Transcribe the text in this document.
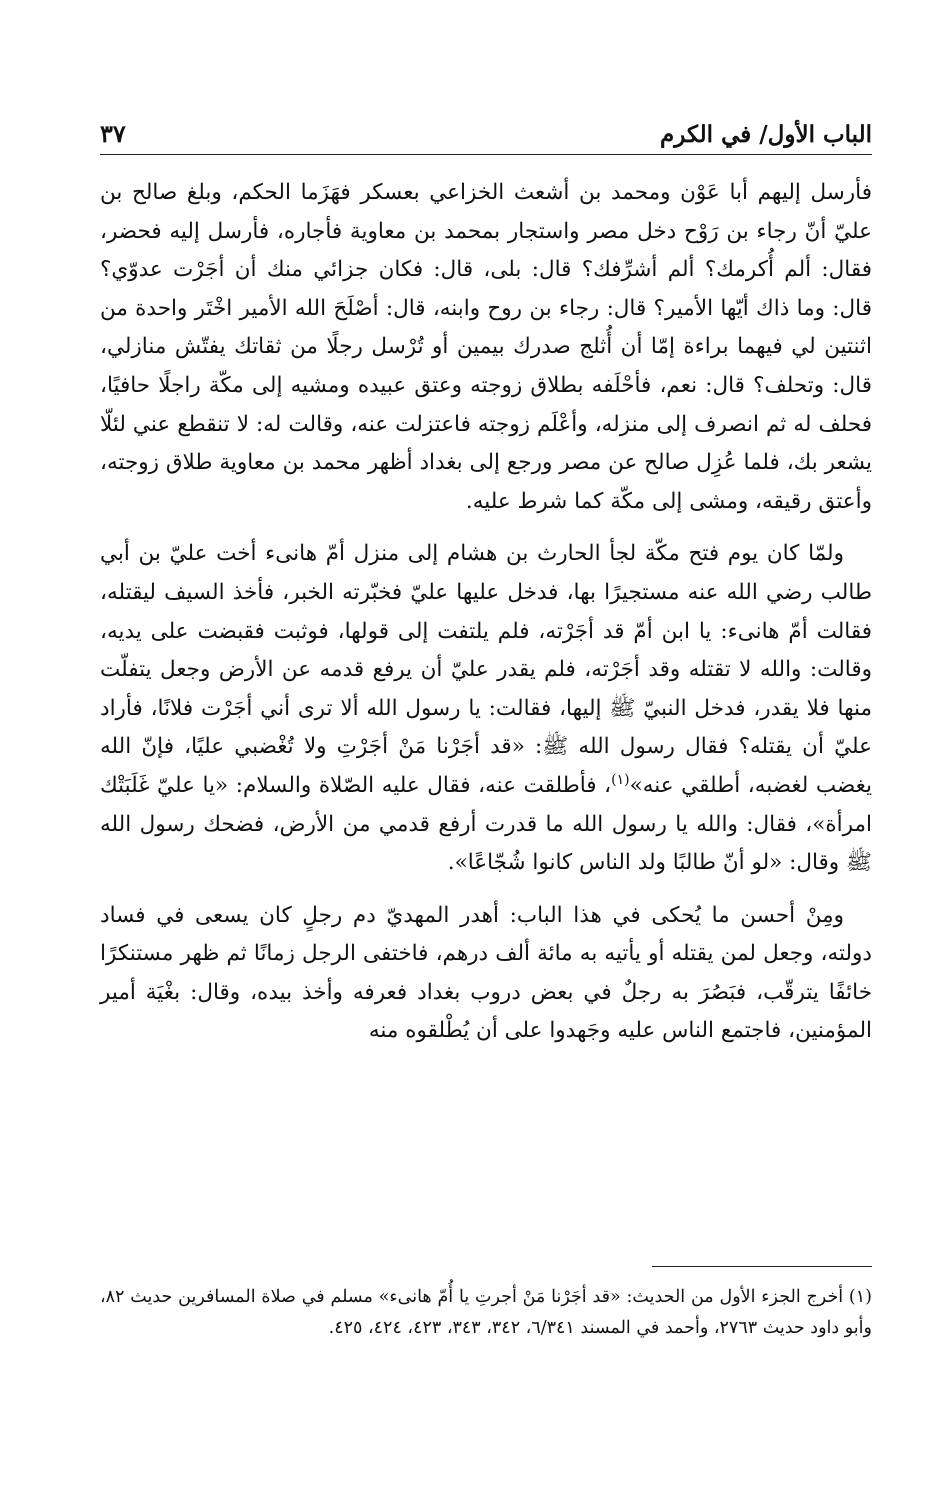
الباب الأول/ في الكرم
٣٧

فأرسل إليهم أبا عَوْن ومحمد بن أشعث الخزاعي بعسكر فهَزَما الحكم، وبلغ صالح بن عليّ أنّ رجاء بن رَوْح دخل مصر واستجار بمحمد بن معاوية فأجاره، فأرسل إليه فحضر، فقال: ألم أُكرمك؟ ألم أشرِّفك؟ قال: بلى، قال: فكان جزائي منك أن أجَرْت عدوّي؟ قال: وما ذاك أيّها الأمير؟ قال: رجاء بن روح وابنه، قال: أصْلَحَ الله الأمير اخْتَر واحدة من اثنتين لي فيهما براءة إمّا أن أُثلج صدرك بيمين أو تُرْسل رجلًا من ثقاتك يفتّش منازلي، قال: وتحلف؟ قال: نعم، فأحْلَفه بطلاق زوجته وعتق عبيده ومشيه إلى مكّة راجلًا حافيًا، فحلف له ثم انصرف إلى منزله، وأعْلَم زوجته فاعتزلت عنه، وقالت له: لا تنقطع عني لئلّا يشعر بك، فلما عُزِل صالح عن مصر ورجع إلى بغداد أظهر محمد بن معاوية طلاق زوجته، وأعتق رقيقه، ومشى إلى مكّة كما شرط عليه.

ولمّا كان يوم فتح مكّة لجأ الحارث بن هشام إلى منزل أمّ هانىء أخت عليّ بن أبي طالب رضي الله عنه مستجيرًا بها، فدخل عليها عليّ فخبّرته الخبر، فأخذ السيف ليقتله، فقالت أمّ هانىء: يا ابن أمّ قد أجَرْته، فلم يلتفت إلى قولها، فوثبت فقبضت على يديه، وقالت: والله لا تقتله وقد أجَرْته، فلم يقدر عليّ أن يرفع قدمه عن الأرض وجعل يتفلّت منها فلا يقدر، فدخل النبيّ ﷺ إليها، فقالت: يا رسول الله ألا ترى أني أجَرْت فلانًا، فأراد عليّ أن يقتله؟ فقال رسول الله ﷺ: «قد أجَرْنا مَنْ أجَرْتِ ولا تُغْضبي عليًا، فإنّ الله يغضب لغضبه، أطلقي عنه»$^{(١)}$، فأطلقت عنه، فقال عليه الصّلاة والسلام: «يا عليّ غَلَبَتْك امرأة»، فقال: والله يا رسول الله ما قدرت أرفع قدمي من الأرض، فضحك رسول الله ﷺ وقال: «لو أنّ طالبًا ولد الناس كانوا شُجّاعًا».

ومِنْ أحسن ما يُحكى في هذا الباب: أهدر المهديّ دم رجلٍ كان يسعى في فساد دولته، وجعل لمن يقتله أو يأتيه به مائة ألف درهم، فاختفى الرجل زمانًا ثم ظهر مستنكرًا خائفًا يترقّب، فبَصُرَ به رجلٌ في بعض دروب بغداد فعرفه وأخذ بيده، وقال: بغْيَة أمير المؤمنين، فاجتمع الناس عليه وجَهدوا على أن يُطْلقوه منه

(١) أخرج الجزء الأول من الحديث: «قد أجَرْنا مَنْ أجرتِ يا أُمّ هانىء» مسلم في صلاة المسافرين حديث ٨٢، وأبو داود حديث ٢٧٦٣، وأحمد في المسند ٦/٣٤١، ٣٤٢، ٣٤٣، ٤٢٣، ٤٢٤، ٤٢٥.
